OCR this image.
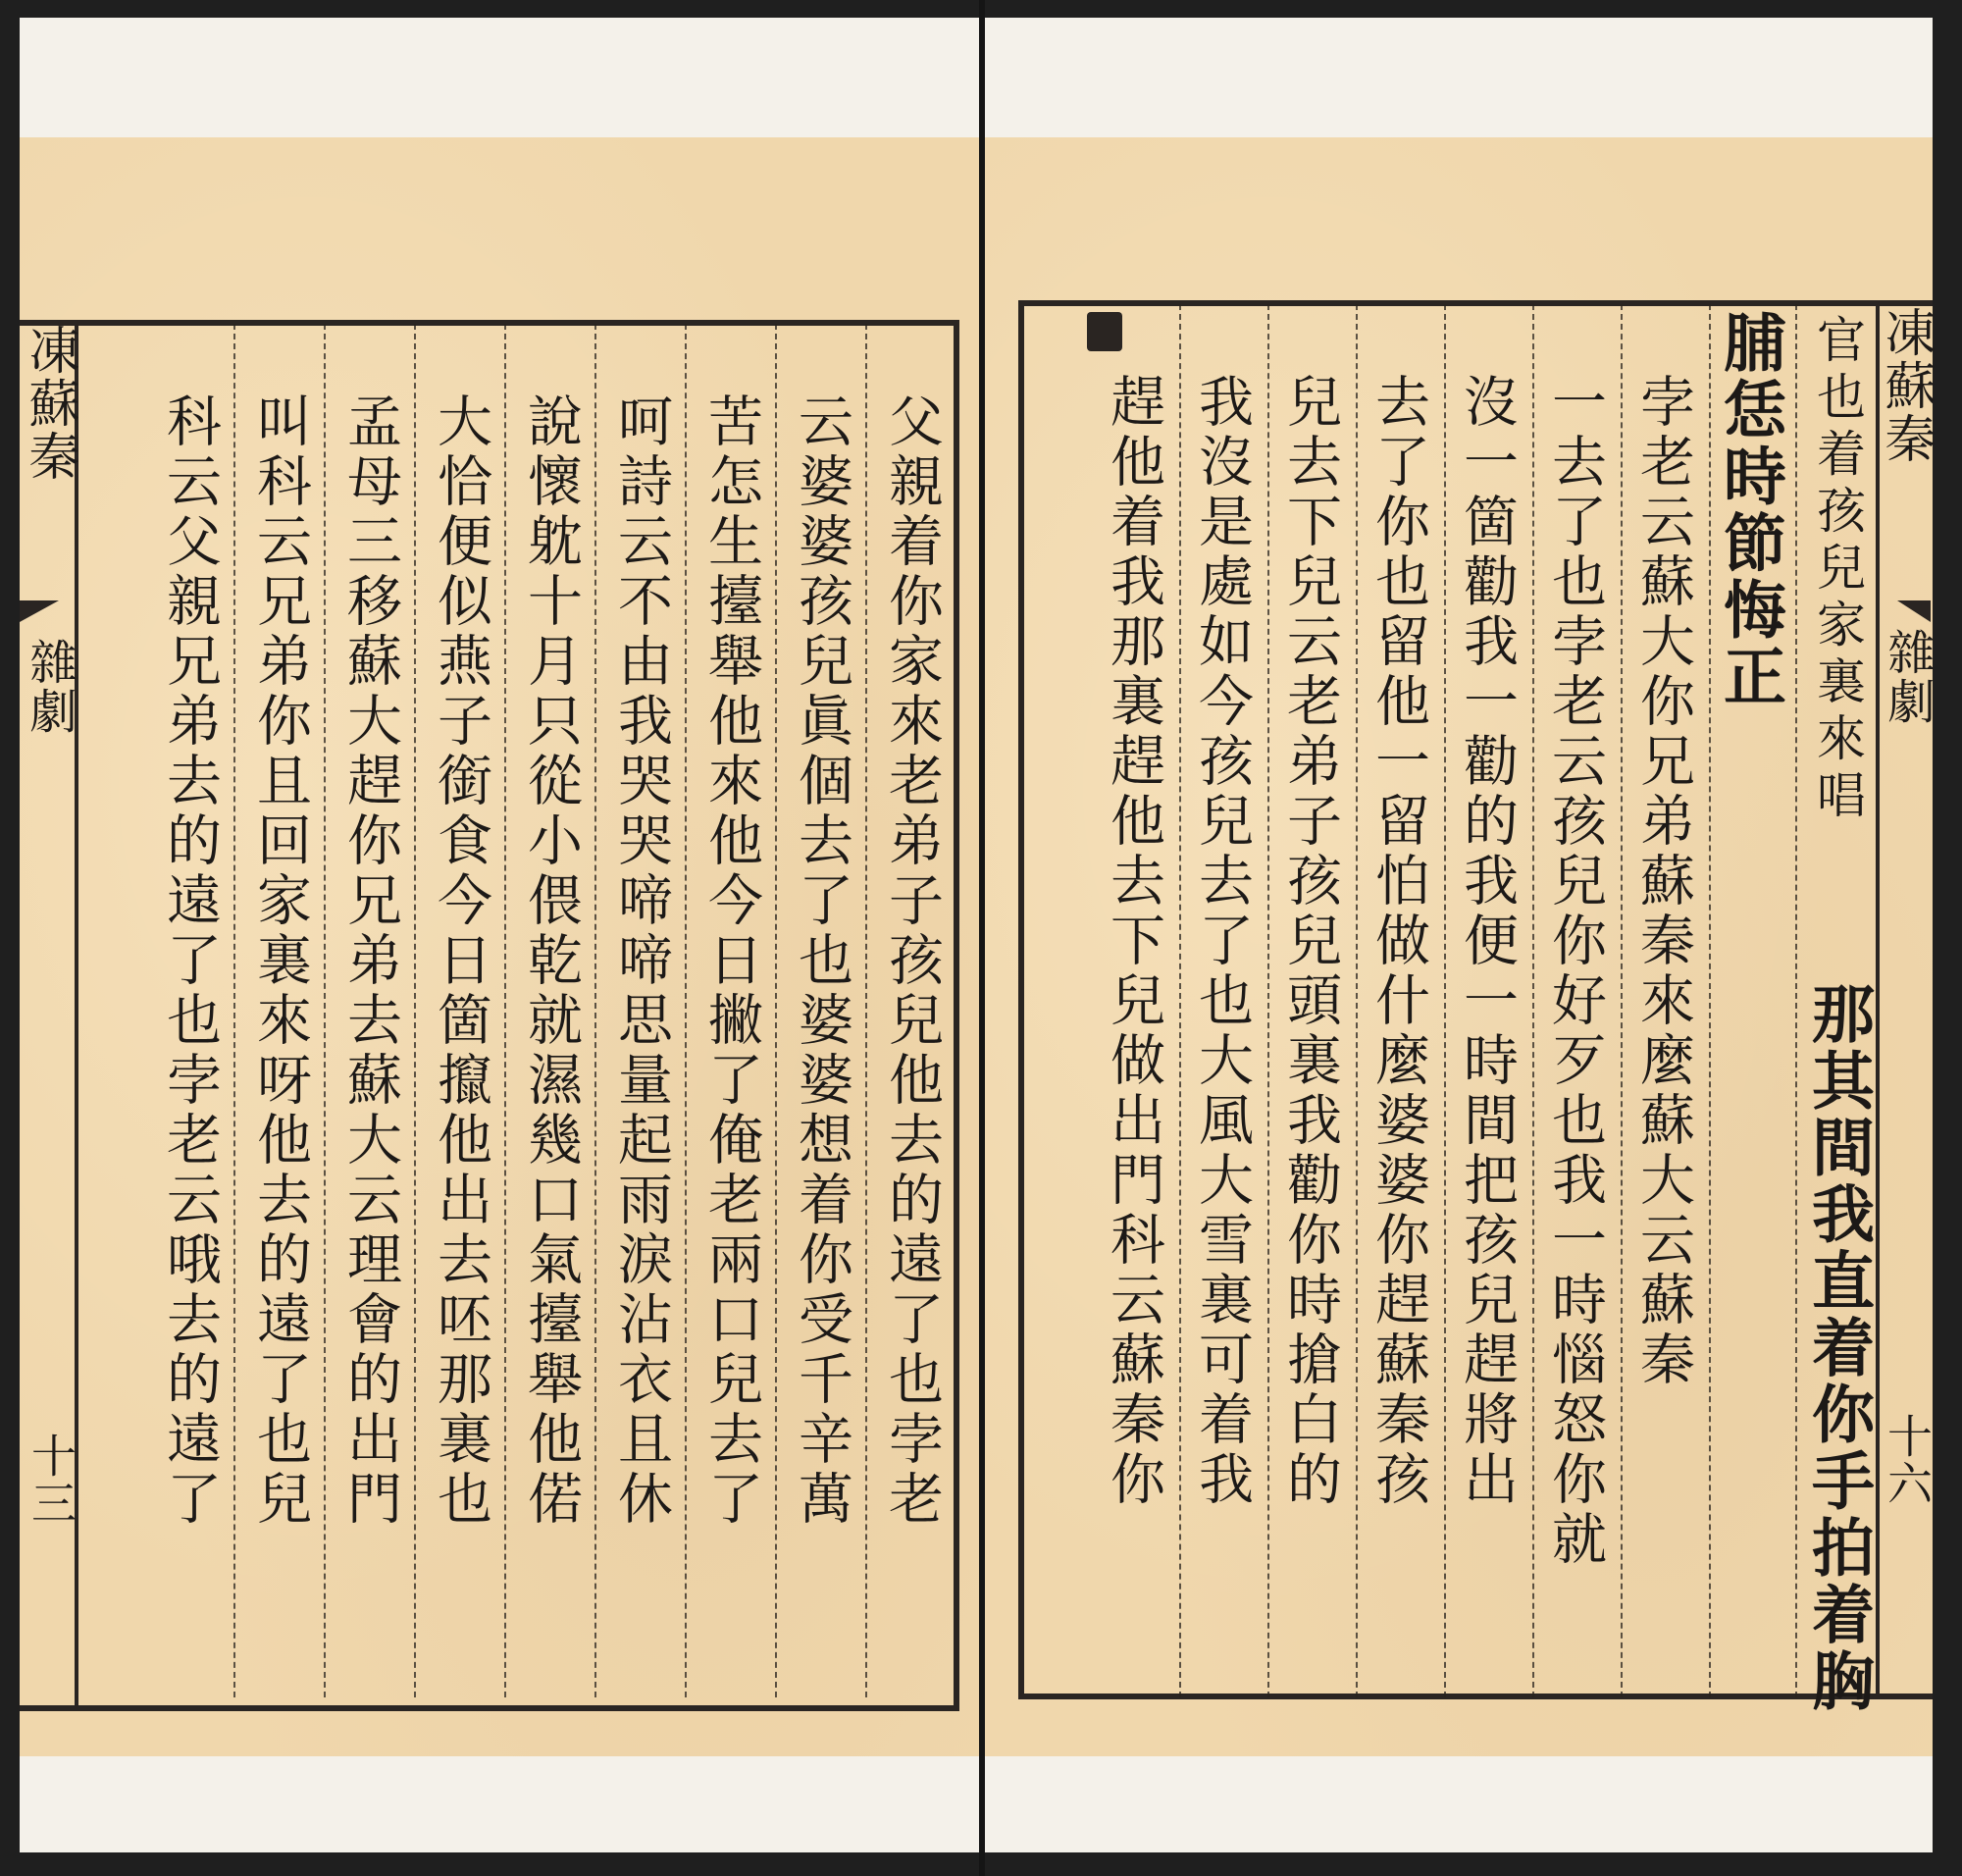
凍蘇秦
雜劇
十三	父親着你家來老弟子孩兒他去的遠了也孛老
云婆婆孩兒眞個去了也婆婆想着你受千辛萬
苦怎生擡舉他來他今日撇了俺老兩口兒去了
呵詩云不由我哭哭啼啼思量起雨淚沾衣且休
說懷躭十月只從小偎乾就濕幾口氣擡舉他偌
大恰便似燕子銜食今日箇攛他出去呸那裏也
孟母三移蘇大趕你兄弟去蘇大云理會的出門
叫科云兄弟你且回家裏來呀他去的遠了也兒
科云父親兄弟去的遠了也孛老云哦去的遠了
凍蘇秦
雜劇
十六
官也着孩兒家裏來唱
那其間我直着你手拍着胸
脯恁時節悔正
孛老云蘇大你兄弟蘇秦來麼蘇大云蘇秦
一去了也孛老云孩兒你好歹也我一時惱怒你就
沒一箇勸我一勸的我便一時間把孩兒趕將出
去了你也留他一留怕做什麼婆婆你趕蘇秦孩
兒去下兒云老弟子孩兒頭裏我勸你時搶白的
我沒是處如今孩兒去了也大風大雪裏可着我
趕他着我那裏趕他去下兒做出門科云蘇秦你
